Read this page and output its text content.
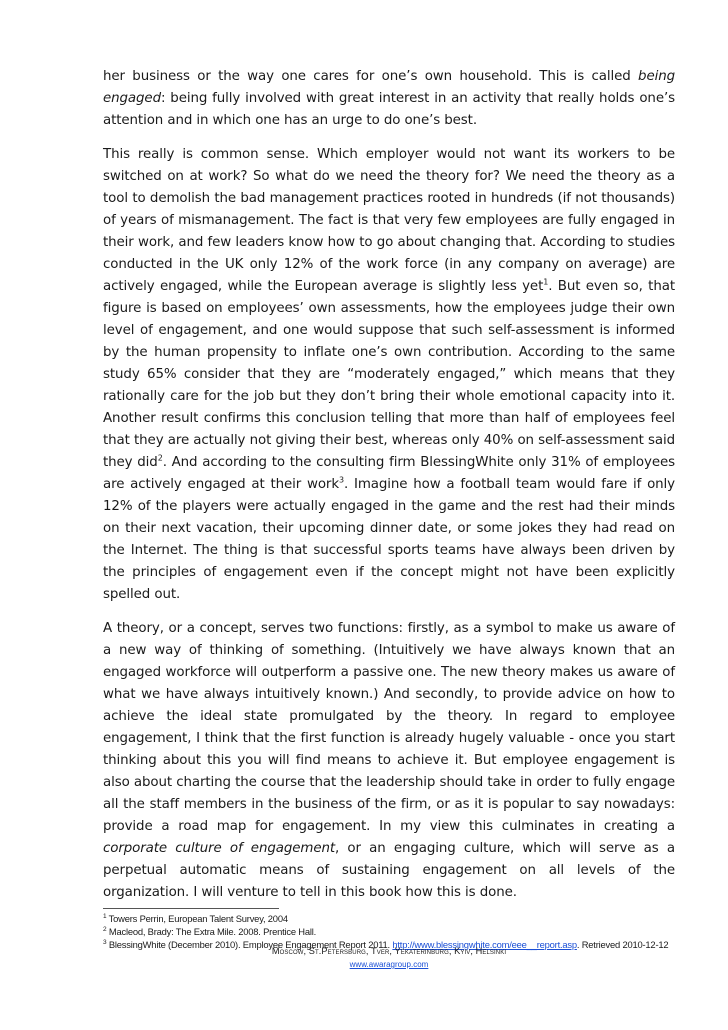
her business or the way one cares for one’s own household. This is called being engaged: being fully involved with great interest in an activity that really holds one’s attention and in which one has an urge to do one’s best.

This really is common sense. Which employer would not want its workers to be switched on at work? So what do we need the theory for? We need the theory as a tool to demolish the bad management practices rooted in hundreds (if not thousands) of years of mismanagement. The fact is that very few employees are fully engaged in their work, and few leaders know how to go about changing that. According to studies conducted in the UK only 12% of the work force (in any company on average) are actively engaged, while the European average is slightly less yet$^1$. But even so, that figure is based on employees’ own assessments, how the employees judge their own level of engagement, and one would suppose that such self-assessment is informed by the human propensity to inflate one’s own contribution. According to the same study 65% consider that they are “moderately engaged,” which means that they rationally care for the job but they don’t bring their whole emotional capacity into it. Another result confirms this conclusion telling that more than half of employees feel that they are actually not giving their best, whereas only 40% on self-assessment said they did$^2$. And according to the consulting firm BlessingWhite only 31% of employees are actively engaged at their work$^3$. Imagine how a football team would fare if only 12% of the players were actually engaged in the game and the rest had their minds on their next vacation, their upcoming dinner date, or some jokes they had read on the Internet. The thing is that successful sports teams have always been driven by the principles of engagement even if the concept might not have been explicitly spelled out.

A theory, or a concept, serves two functions: firstly, as a symbol to make us aware of a new way of thinking of something. (Intuitively we have always known that an engaged workforce will outperform a passive one. The new theory makes us aware of what we have always intuitively known.) And secondly, to provide advice on how to achieve the ideal state promulgated by the theory. In regard to employee engagement, I think that the first function is already hugely valuable - once you start thinking about this you will find means to achieve it. But employee engagement is also about charting the course that the leadership should take in order to fully engage all the staff members in the business of the firm, or as it is popular to say nowadays: provide a road map for engagement. In my view this culminates in creating a corporate culture of engagement, or an engaging culture, which will serve as a perpetual automatic means of sustaining engagement on all levels of the organization. I will venture to tell in this book how this is done.

$^1$ Towers Perrin, European Talent Survey, 2004
$^2$ Macleod, Brady: The Extra Mile. 2008. Prentice Hall.
$^3$ BlessingWhite (December 2010). Employee Engagement Report 2011. http://www.blessingwhite.com/eee__report.asp. Retrieved 2010-12-12
Moscow, St.Petersburg, Tver, Yekaterinburg, Kyiv, Helsinki
www.awaragroup.com
